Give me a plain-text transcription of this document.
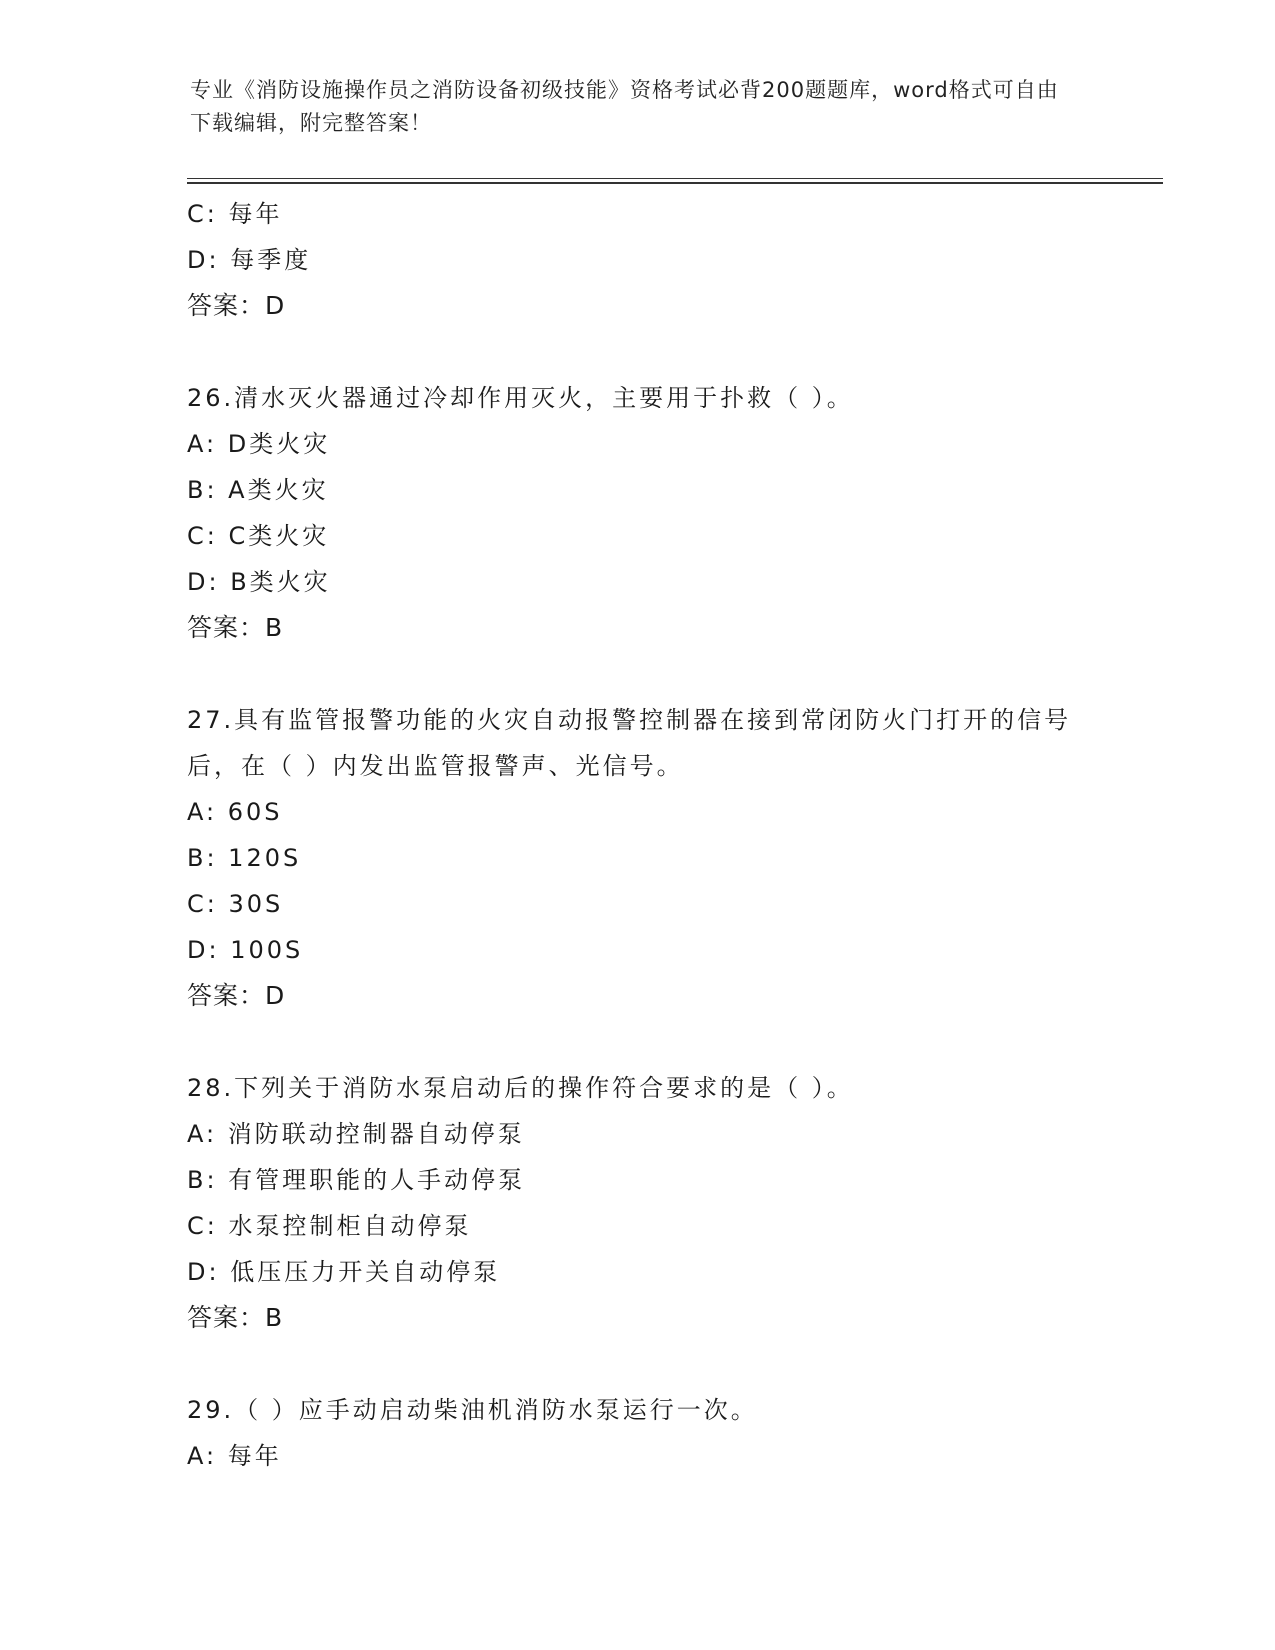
专业《消防设施操作员之消防设备初级技能》资格考试必背200题题库，word格式可自由下载编辑，附完整答案！
C: 每年
D: 每季度
答案：D
26.清水灭火器通过冷却作用灭火，主要用于扑救（ ）。
A: D类火灾
B: A类火灾
C: C类火灾
D: B类火灾
答案：B
27.具有监管报警功能的火灾自动报警控制器在接到常闭防火门打开的信号后，在（ ）内发出监管报警声、光信号。
A: 60S
B: 120S
C: 30S
D: 100S
答案：D
28.下列关于消防水泵启动后的操作符合要求的是（ ）。
A: 消防联动控制器自动停泵
B: 有管理职能的人手动停泵
C: 水泵控制柜自动停泵
D: 低压压力开关自动停泵
答案：B
29.（ ）应手动启动柴油机消防水泵运行一次。
A: 每年
